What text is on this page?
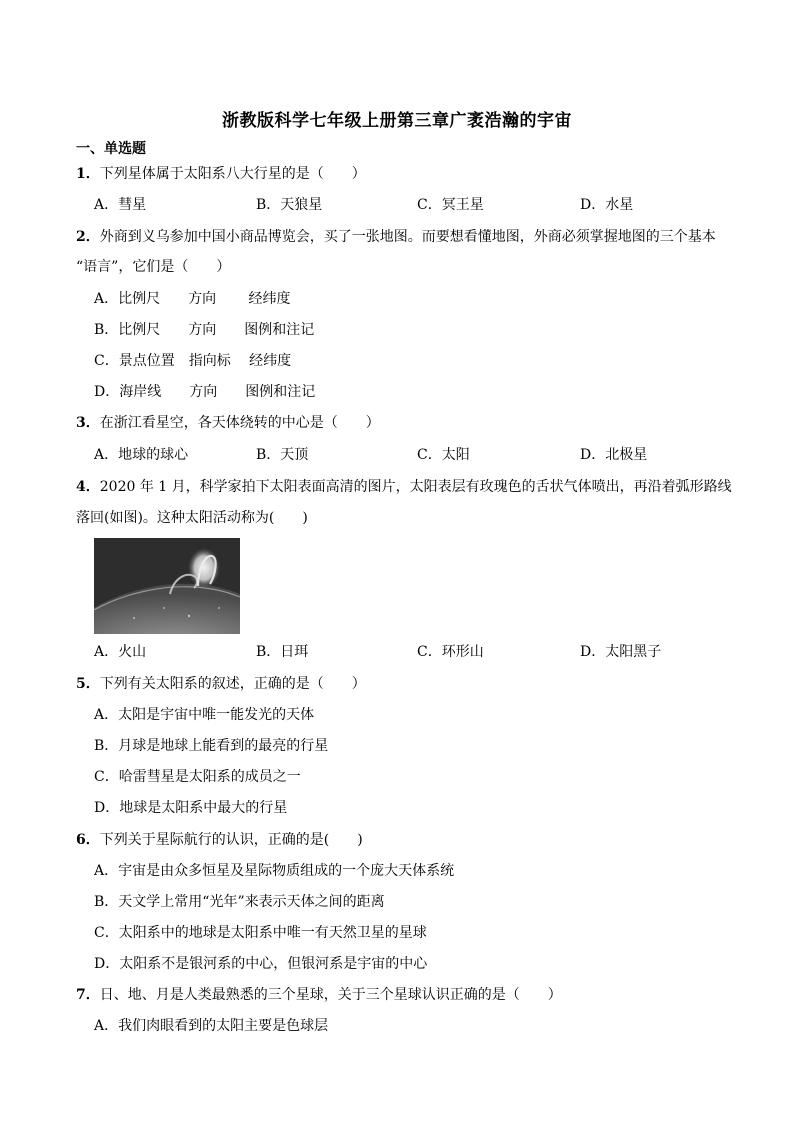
浙教版科学七年级上册第三章广袤浩瀚的宇宙
一、单选题
1．下列星体属于太阳系八大行星的是（　　）
A．彗星	B．天狼星	C．冥王星	D．水星
2．外商到义乌参加中国小商品博览会，买了一张地图。而要想看懂地图，外商必须掌握地图的三个基本
“语言”，它们是（　　）
A．比例尺　　方向　　 经纬度
B．比例尺　　方向　　图例和注记
C．景点位置　指向标　 经纬度
D．海岸线　　方向　　图例和注记
3．在浙江看星空，各天体绕转的中心是（　　）
A．地球的球心	B．天顶	C．太阳	D．北极星
4．2020 年 1 月，科学家拍下太阳表面高清的图片，太阳表层有玫瑰色的舌状气体喷出，再沿着弧形路线
落回(如图)。这种太阳活动称为(　　)
A．火山	B．日珥	C．环形山	D．太阳黑子
5．下列有关太阳系的叙述，正确的是（　　）
A．太阳是宇宙中唯一能发光的天体
B．月球是地球上能看到的最亮的行星
C．哈雷彗星是太阳系的成员之一
D．地球是太阳系中最大的行星
6．下列关于星际航行的认识，正确的是(　　)
A．宇宙是由众多恒星及星际物质组成的一个庞大天体系统
B．天文学上常用“光年”来表示天体之间的距离
C．太阳系中的地球是太阳系中唯一有天然卫星的星球
D．太阳系不是银河系的中心，但银河系是宇宙的中心
7．日、地、月是人类最熟悉的三个星球，关于三个星球认识正确的是（　　）
A．我们肉眼看到的太阳主要是色球层
